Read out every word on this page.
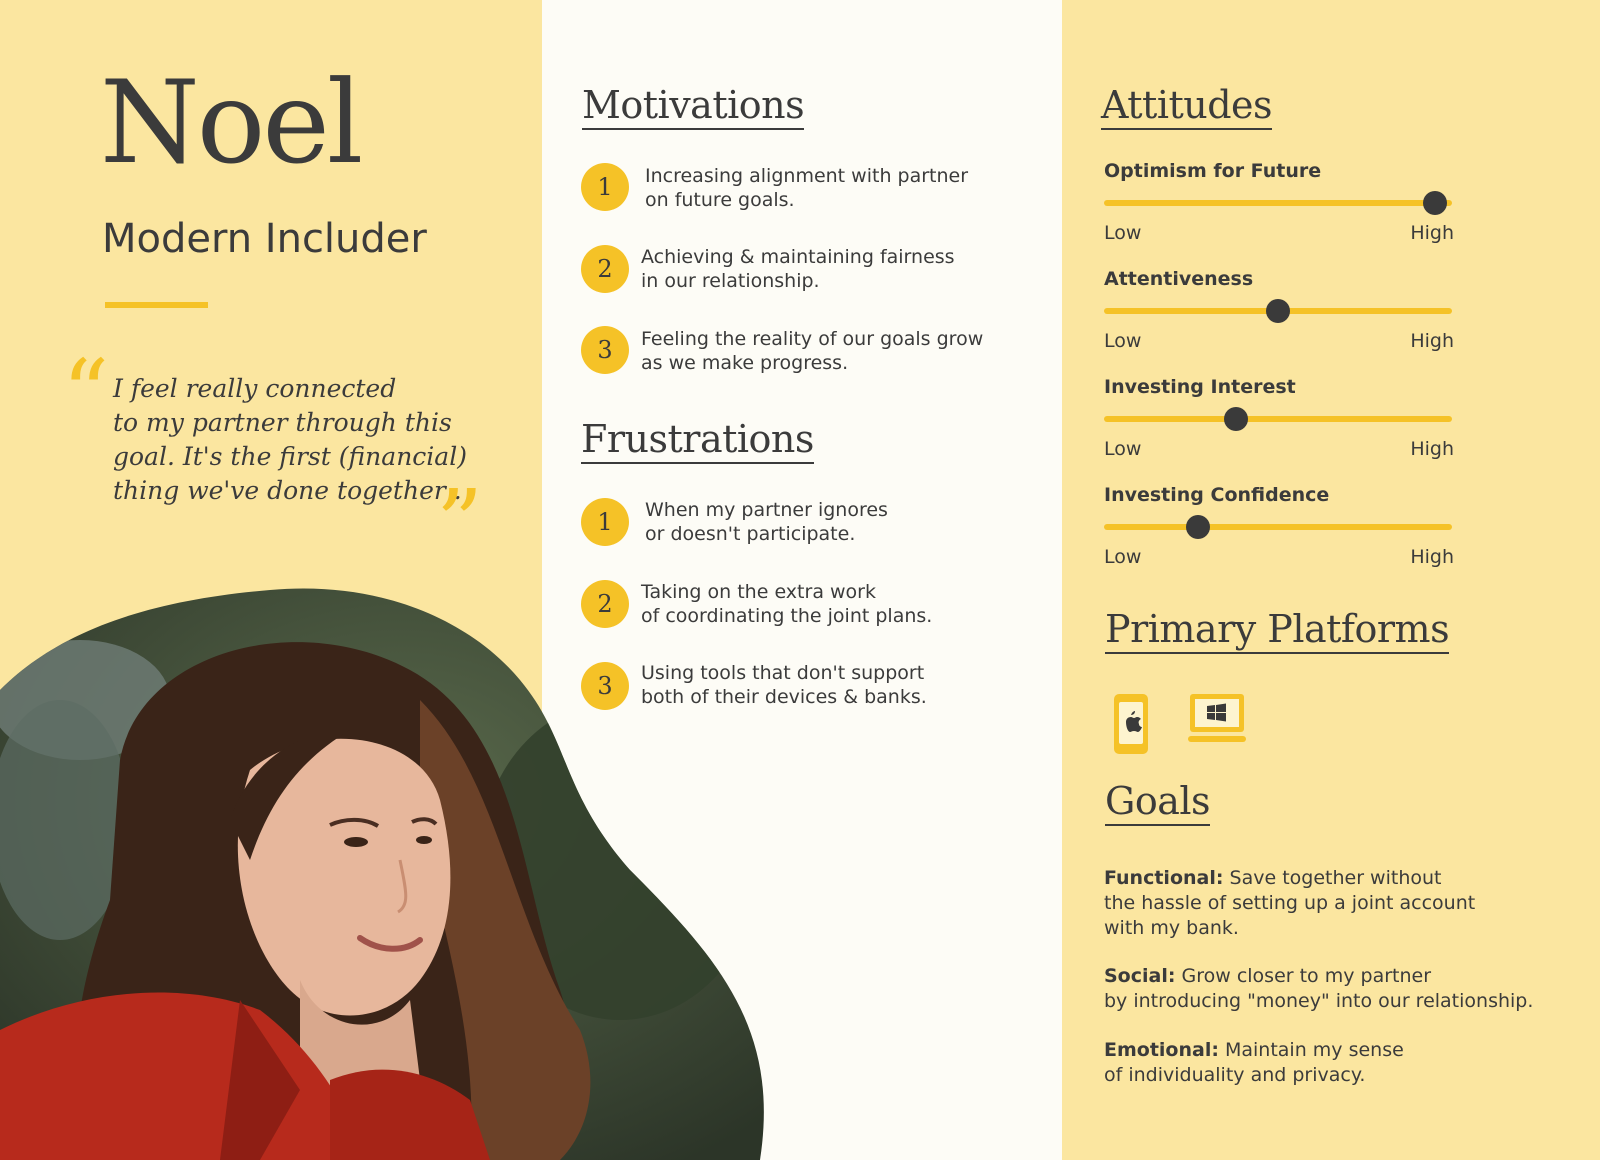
Noel
Modern Includer
“ I feel really connected
to my partner through this
goal. It's the first (financial)
thing we've done together .
”
Motivations
1	Increasing alignment with partner
on future goals.
2	Achieving & maintaining fairness
in our relationship.
3	Feeling the reality of our goals grow
as we make progress.
Frustrations
1	When my partner ignores
or doesn't participate.
2	Taking on the extra work
of coordinating the joint plans.
3	Using tools that don't support
both of their devices & banks.
Attitudes
Optimism for Future
Low	High
Attentiveness
Low	High
Investing Interest
Low	High
Investing Confidence
Low	High
Primary Platforms
Goals
Functional: Save together without
the hassle of setting up a joint account
with my bank.
Social: Grow closer to my partner
by introducing "money" into our relationship.
Emotional: Maintain my sense
of individuality and privacy.
